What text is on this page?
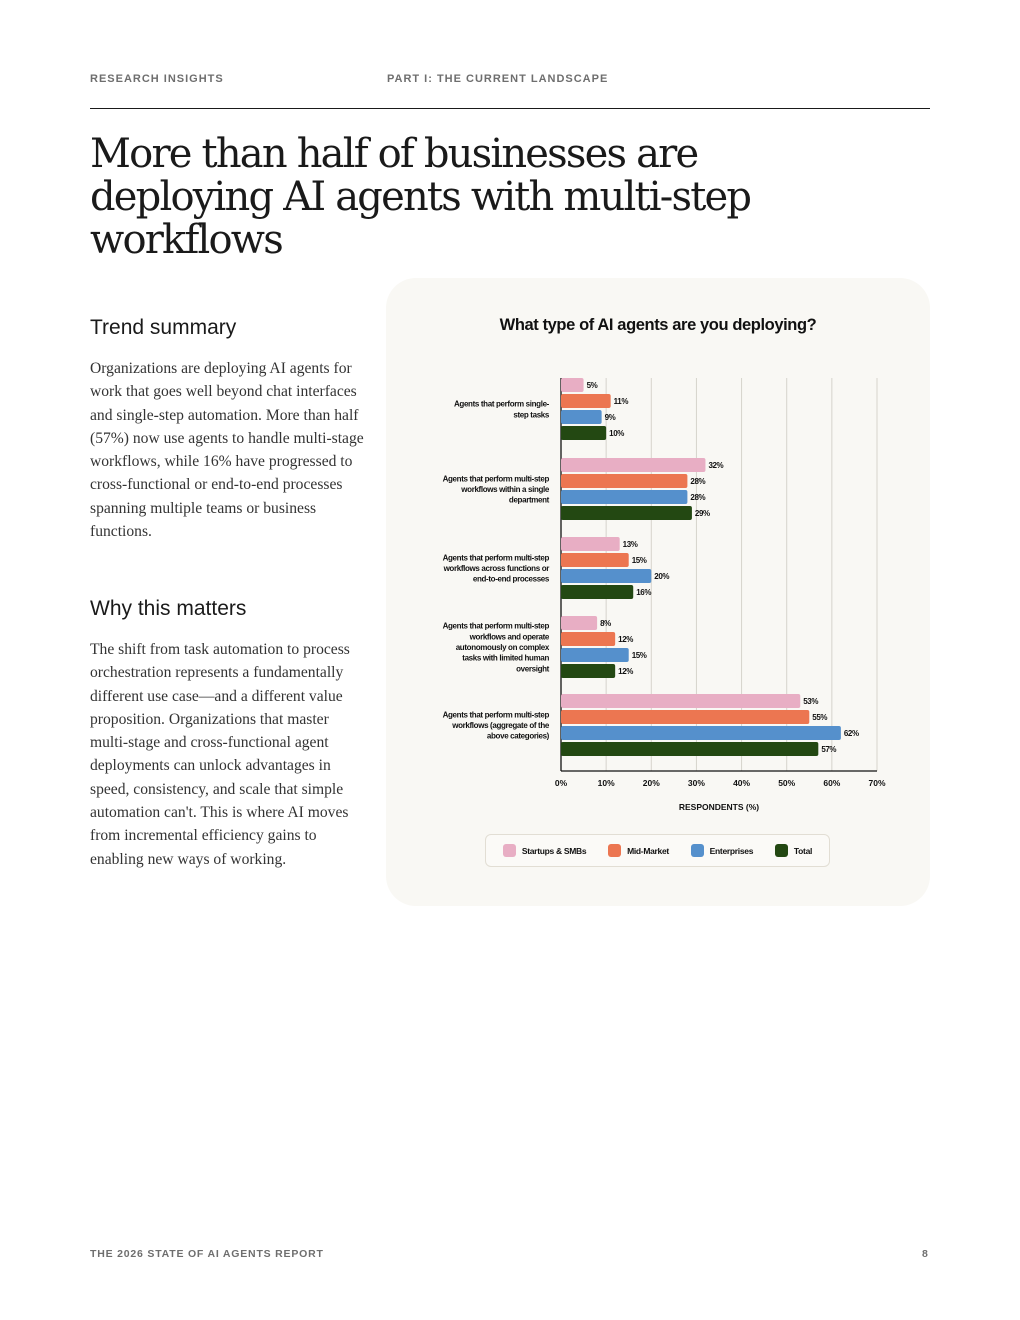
RESEARCH INSIGHTS	PART I: THE CURRENT LANDSCAPE
More than half of businesses are deploying AI agents with multi-step workflows
Trend summary

Organizations are deploying AI agents for work that goes well beyond chat interfaces and single-step automation. More than half (57%) now use agents to handle multi-stage workflows, while 16% have progressed to cross-functional or end-to-end processes spanning multiple teams or business functions.

Why this matters

The shift from task automation to process orchestration represents a fundamentally different use case—and a different value proposition. Organizations that master multi-stage and cross-functional agent deployments can unlock advantages in speed, consistency, and scale that simple automation can't. This is where AI moves from incremental efficiency gains to enabling new ways of working.

What type of AI agents are you deploying?
0%	10%	20%	30%	40%	50%	60%	70%
RESPONDENTS (%)
5%
11%
9%
10%
Agents that perform single-step tasks
32%
28%
28%
29%
Agents that perform multi-step workflows within a single department
13%
15%
20%
16%
Agents that perform multi-step workflows across functions or end-to-end processes
8%
12%
15%
12%
Agents that perform multi-step workflows and operate autonomously on complex tasks with limited human oversight
53%
55%
62%
57%
Agents that perform multi-step workflows (aggregate of the above categories)
Startups & SMBs	Mid-Market	Enterprises	Total
THE 2026 STATE OF AI AGENTS REPORT	8
